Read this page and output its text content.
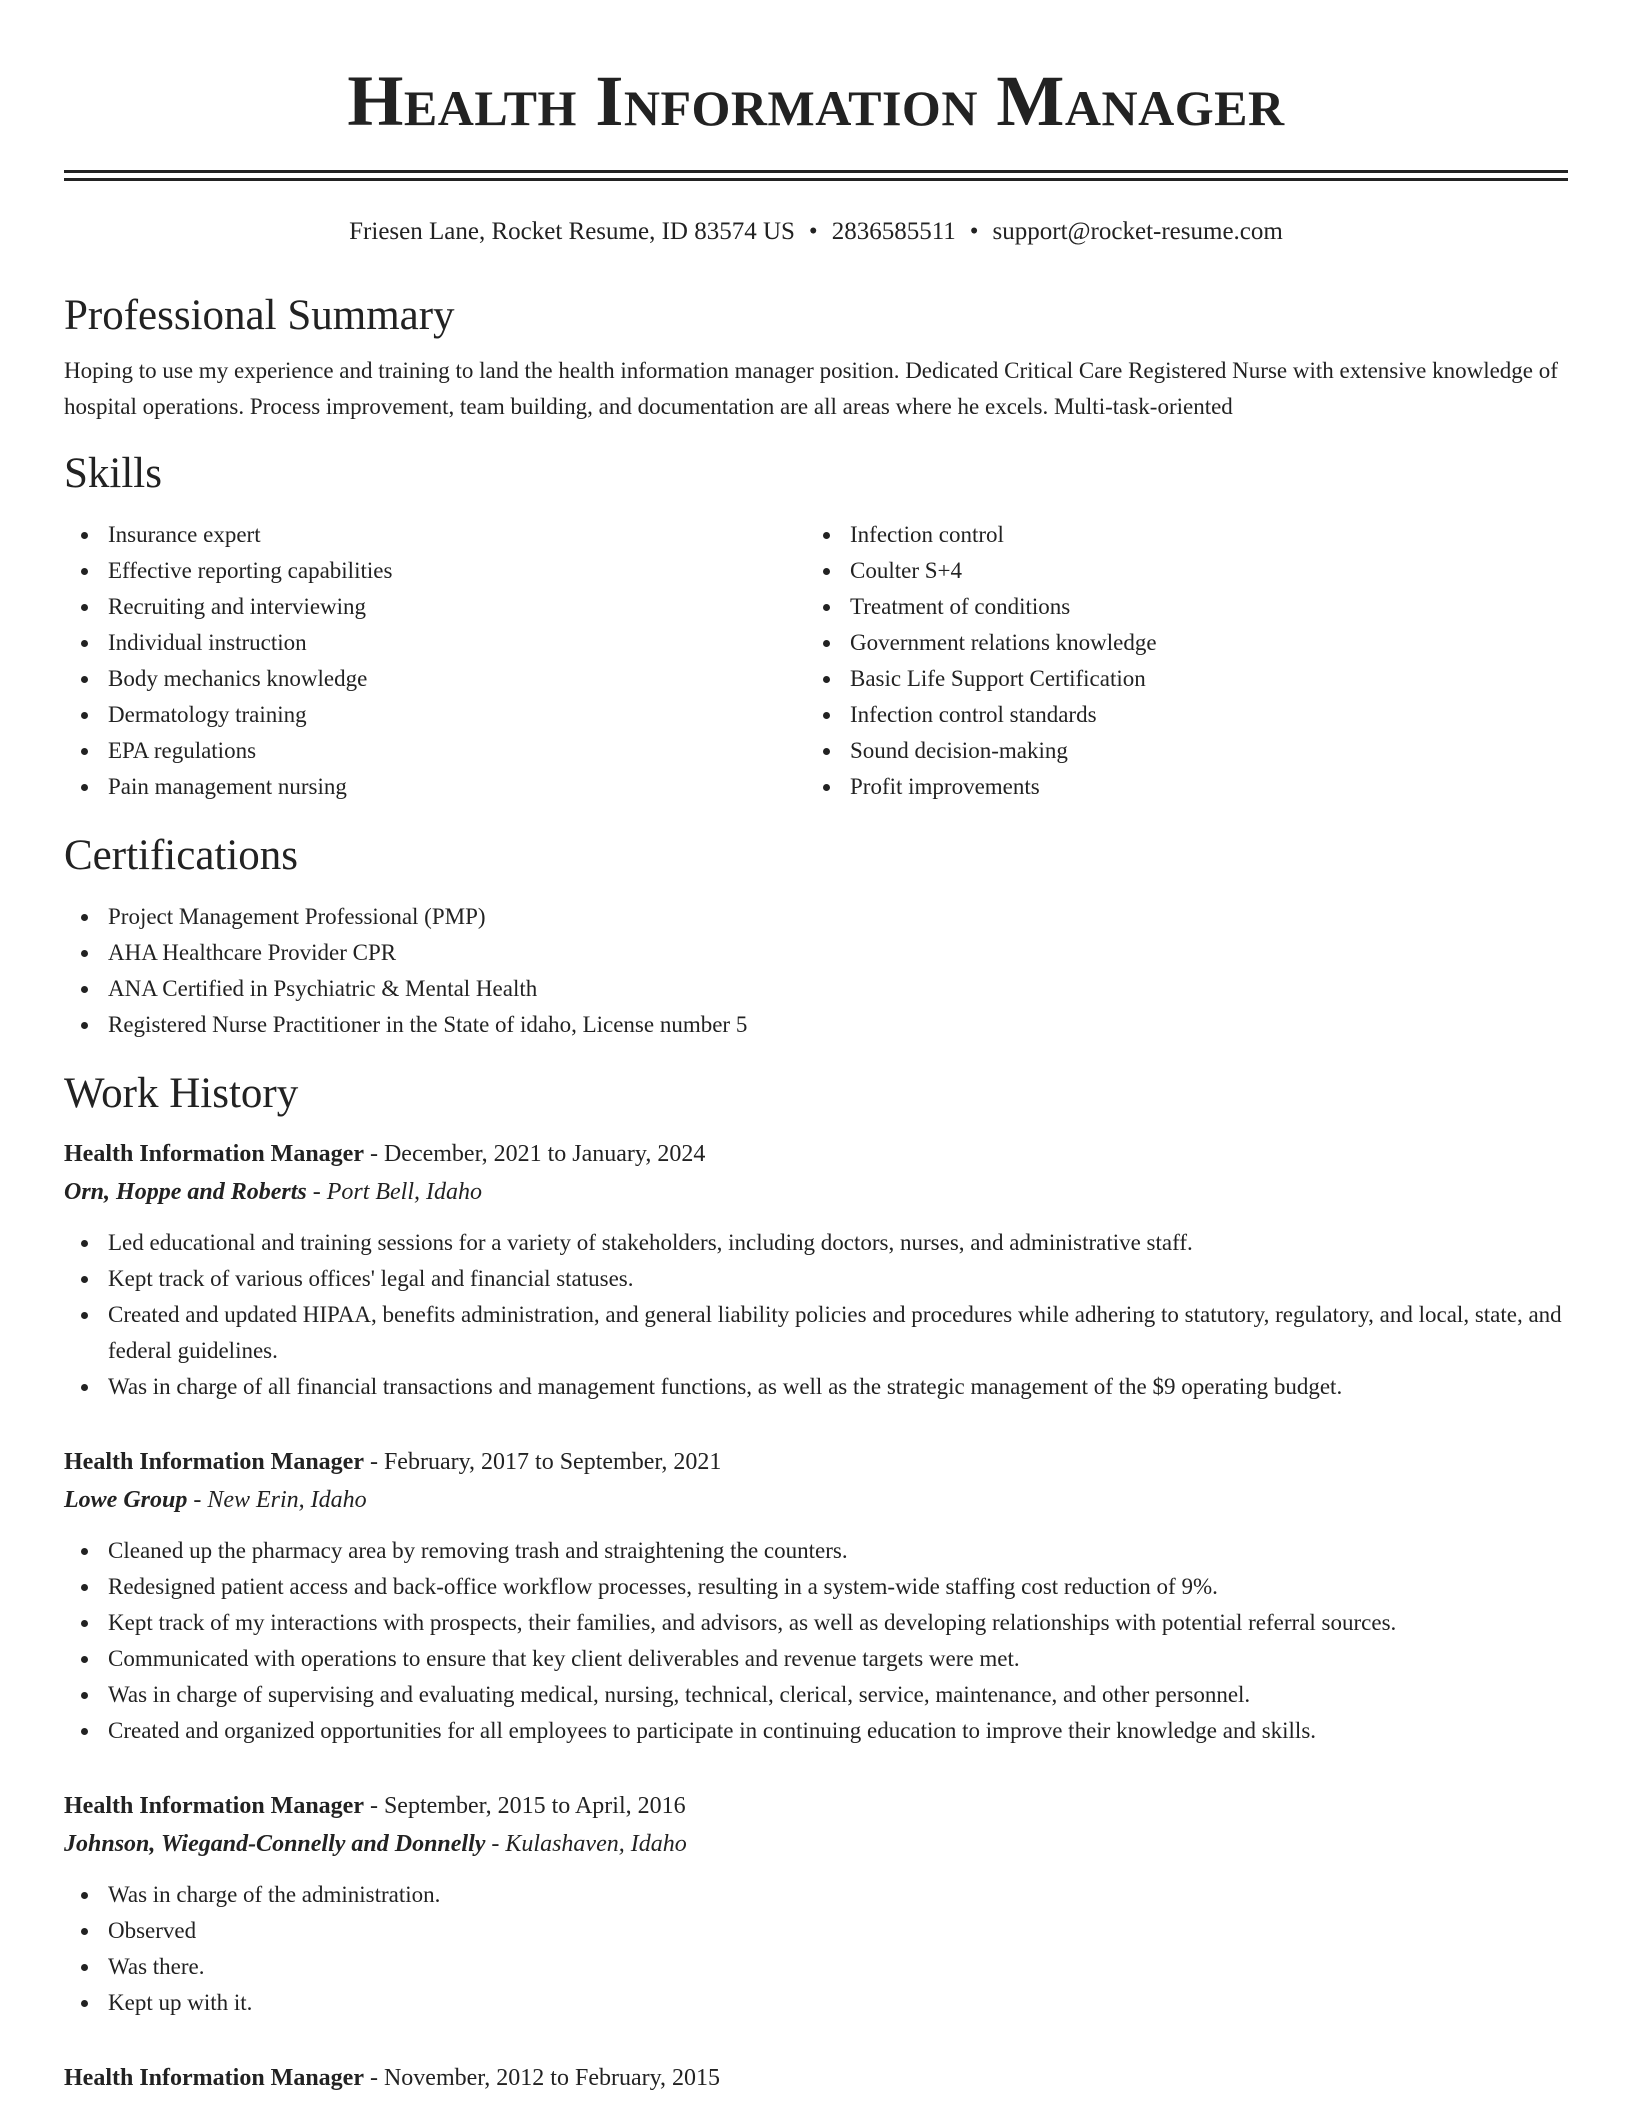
Health Information Manager
Friesen Lane, Rocket Resume, ID 83574 US • 2836585511 • support@rocket-resume.com
Professional Summary

Hoping to use my experience and training to land the health information manager position. Dedicated Critical Care Registered Nurse with extensive knowledge of hospital operations. Process improvement, team building, and documentation are all areas where he excels. Multi-task-oriented

Skills
Insurance expert
Effective reporting capabilities
Recruiting and interviewing
Individual instruction
Body mechanics knowledge
Dermatology training
EPA regulations
Pain management nursing
Infection control
Coulter S+4
Treatment of conditions
Government relations knowledge
Basic Life Support Certification
Infection control standards
Sound decision-making
Profit improvements
Certifications
Project Management Professional (PMP)
AHA Healthcare Provider CPR
ANA Certified in Psychiatric & Mental Health
Registered Nurse Practitioner in the State of idaho, License number 5
Work History
Health Information Manager - December, 2021 to January, 2024
Orn, Hoppe and Roberts - Port Bell, Idaho
Led educational and training sessions for a variety of stakeholders, including doctors, nurses, and administrative staff.
Kept track of various offices' legal and financial statuses.
Created and updated HIPAA, benefits administration, and general liability policies and procedures while adhering to statutory, regulatory, and local, state, and federal guidelines.
Was in charge of all financial transactions and management functions, as well as the strategic management of the $9 operating budget.
Health Information Manager - February, 2017 to September, 2021
Lowe Group - New Erin, Idaho
Cleaned up the pharmacy area by removing trash and straightening the counters.
Redesigned patient access and back-office workflow processes, resulting in a system-wide staffing cost reduction of 9%.
Kept track of my interactions with prospects, their families, and advisors, as well as developing relationships with potential referral sources.
Communicated with operations to ensure that key client deliverables and revenue targets were met.
Was in charge of supervising and evaluating medical, nursing, technical, clerical, service, maintenance, and other personnel.
Created and organized opportunities for all employees to participate in continuing education to improve their knowledge and skills.
Health Information Manager - September, 2015 to April, 2016
Johnson, Wiegand-Connelly and Donnelly - Kulashaven, Idaho
Was in charge of the administration.
Observed
Was there.
Kept up with it.
Health Information Manager - November, 2012 to February, 2015
